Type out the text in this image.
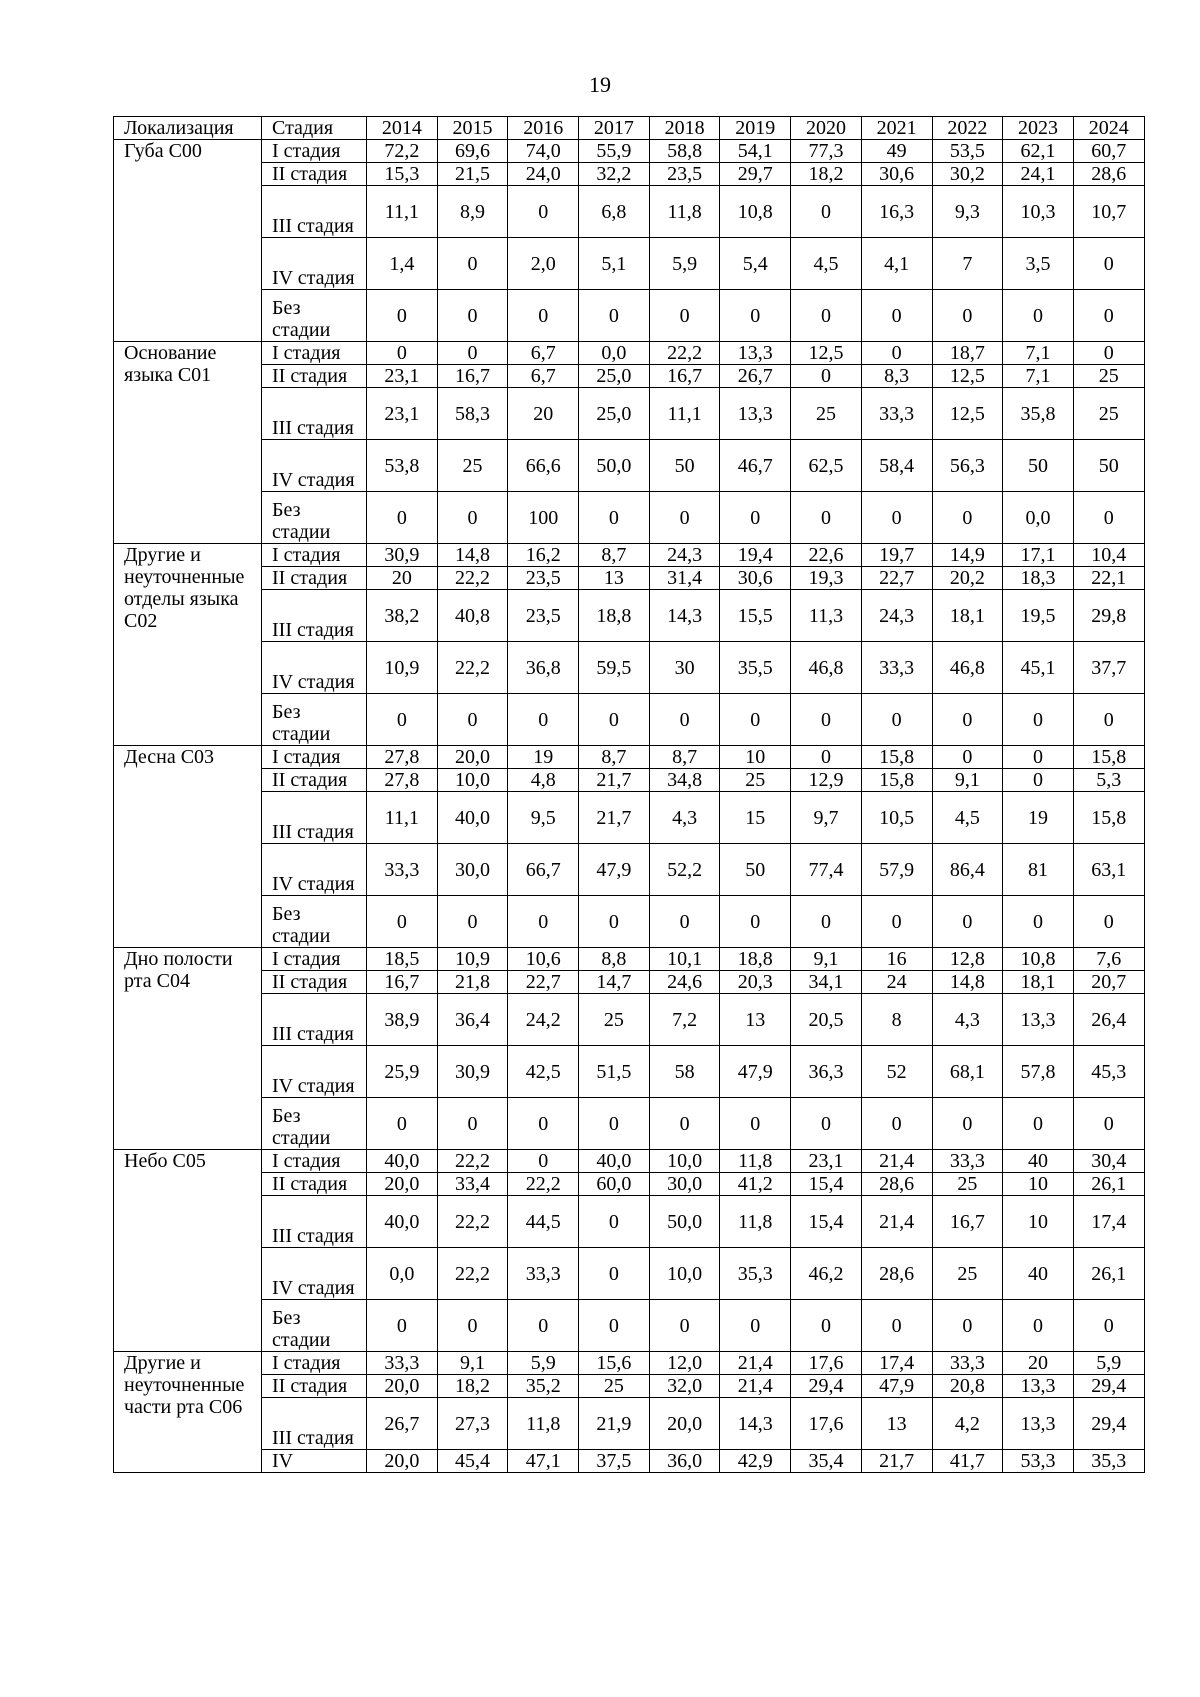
19
Локализация	Стадия	2014	2015	2016	2017	2018	2019	2020	2021	2022	2023	2024
Губа С00	I стадия	72,2	69,6	74,0	55,9	58,8	54,1	77,3	49	53,5	62,1	60,7
	II стадия	15,3	21,5	24,0	32,2	23,5	29,7	18,2	30,6	30,2	24,1	28,6
	III стадия	11,1	8,9	0	6,8	11,8	10,8	0	16,3	9,3	10,3	10,7
	IV стадия	1,4	0	2,0	5,1	5,9	5,4	4,5	4,1	7	3,5	0
	Без стадии	0	0	0	0	0	0	0	0	0	0	0
Основание языка С01	I стадия	0	0	6,7	0,0	22,2	13,3	12,5	0	18,7	7,1	0
	II стадия	23,1	16,7	6,7	25,0	16,7	26,7	0	8,3	12,5	7,1	25
	III стадия	23,1	58,3	20	25,0	11,1	13,3	25	33,3	12,5	35,8	25
	IV стадия	53,8	25	66,6	50,0	50	46,7	62,5	58,4	56,3	50	50
	Без стадии	0	0	100	0	0	0	0	0	0	0,0	0
Другие и неуточненные отделы языка С02	I стадия	30,9	14,8	16,2	8,7	24,3	19,4	22,6	19,7	14,9	17,1	10,4
	II стадия	20	22,2	23,5	13	31,4	30,6	19,3	22,7	20,2	18,3	22,1
	III стадия	38,2	40,8	23,5	18,8	14,3	15,5	11,3	24,3	18,1	19,5	29,8
	IV стадия	10,9	22,2	36,8	59,5	30	35,5	46,8	33,3	46,8	45,1	37,7
	Без стадии	0	0	0	0	0	0	0	0	0	0	0
Десна С03	I стадия	27,8	20,0	19	8,7	8,7	10	0	15,8	0	0	15,8
	II стадия	27,8	10,0	4,8	21,7	34,8	25	12,9	15,8	9,1	0	5,3
	III стадия	11,1	40,0	9,5	21,7	4,3	15	9,7	10,5	4,5	19	15,8
	IV стадия	33,3	30,0	66,7	47,9	52,2	50	77,4	57,9	86,4	81	63,1
	Без стадии	0	0	0	0	0	0	0	0	0	0	0
Дно полости рта С04	I стадия	18,5	10,9	10,6	8,8	10,1	18,8	9,1	16	12,8	10,8	7,6
	II стадия	16,7	21,8	22,7	14,7	24,6	20,3	34,1	24	14,8	18,1	20,7
	III стадия	38,9	36,4	24,2	25	7,2	13	20,5	8	4,3	13,3	26,4
	IV стадия	25,9	30,9	42,5	51,5	58	47,9	36,3	52	68,1	57,8	45,3
	Без стадии	0	0	0	0	0	0	0	0	0	0	0
Небо С05	I стадия	40,0	22,2	0	40,0	10,0	11,8	23,1	21,4	33,3	40	30,4
	II стадия	20,0	33,4	22,2	60,0	30,0	41,2	15,4	28,6	25	10	26,1
	III стадия	40,0	22,2	44,5	0	50,0	11,8	15,4	21,4	16,7	10	17,4
	IV стадия	0,0	22,2	33,3	0	10,0	35,3	46,2	28,6	25	40	26,1
	Без стадии	0	0	0	0	0	0	0	0	0	0	0
Другие и неуточненные части рта С06	I стадия	33,3	9,1	5,9	15,6	12,0	21,4	17,6	17,4	33,3	20	5,9
	II стадия	20,0	18,2	35,2	25	32,0	21,4	29,4	47,9	20,8	13,3	29,4
	III стадия	26,7	27,3	11,8	21,9	20,0	14,3	17,6	13	4,2	13,3	29,4
	IV	20,0	45,4	47,1	37,5	36,0	42,9	35,4	21,7	41,7	53,3	35,3
